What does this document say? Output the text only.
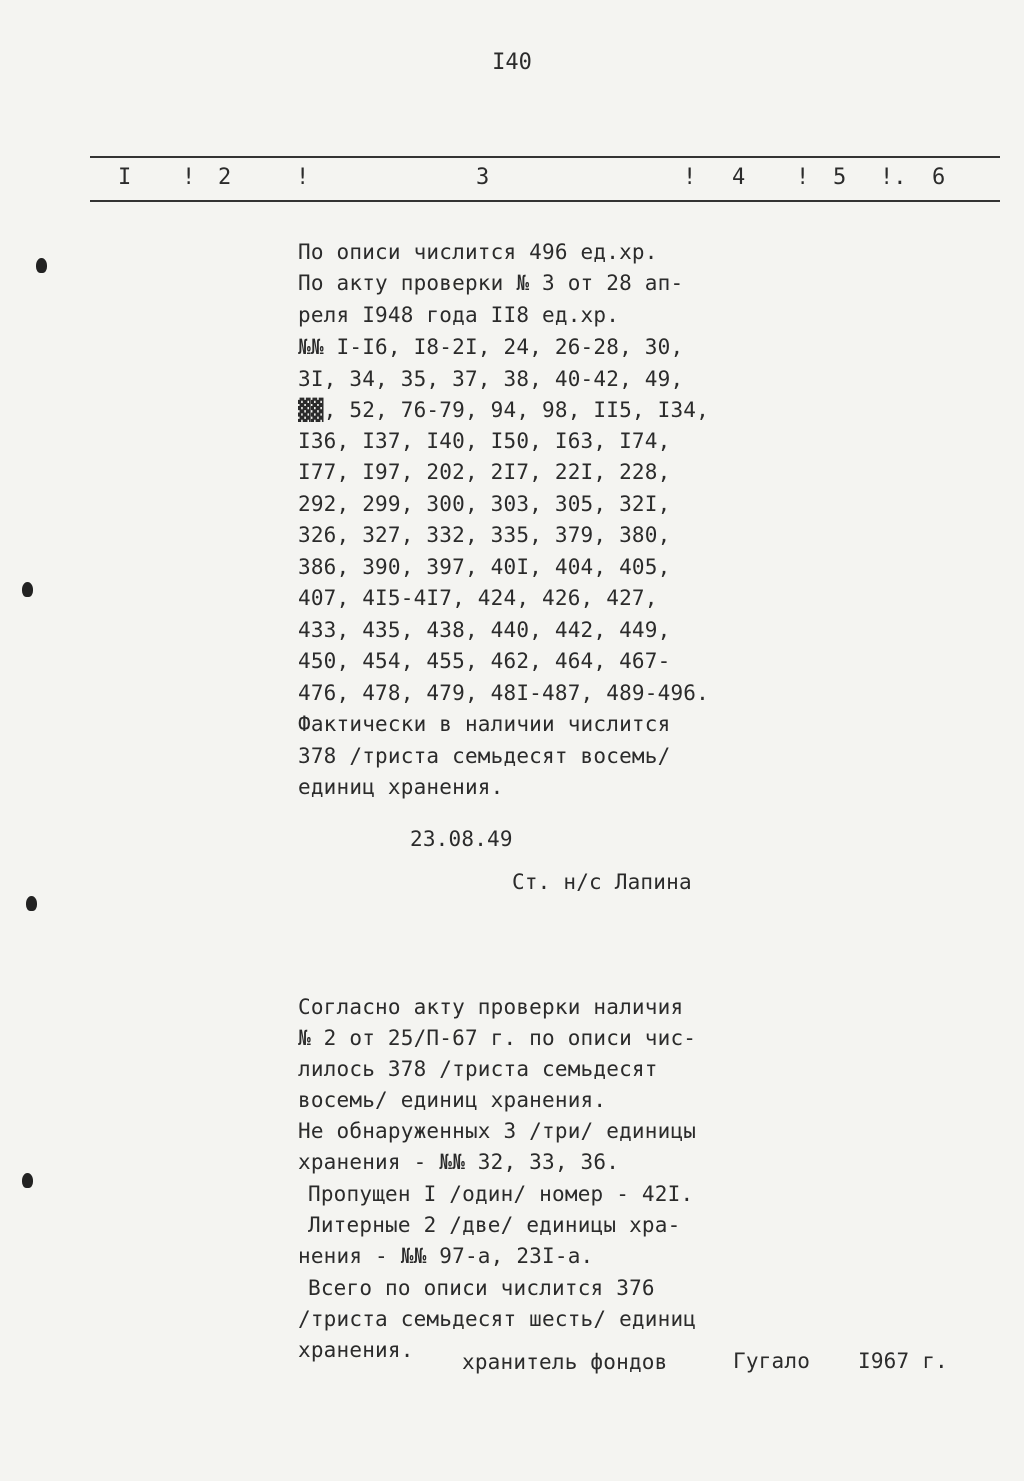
I40
I ! 2	!	3	! 4 ! 5 !. 6
По описи числится 496 ед.хр.
По акту проверки № 3 от 28 ап-
реля I948 года II8 ед.хр.
№№ I-I6, I8-2I, 24, 26-28, 30,
3I, 34, 35, 37, 38, 40-42, 49,
▓▓, 52, 76-79, 94, 98, II5, I34,
I36, I37, I40, I50, I63, I74,
I77, I97, 202, 2I7, 22I, 228,
292, 299, 300, 303, 305, 32I,
326, 327, 332, 335, 379, 380,
386, 390, 397, 40I, 404, 405,
407, 4I5-4I7, 424, 426, 427,
433, 435, 438, 440, 442, 449,
450, 454, 455, 462, 464, 467-
476, 478, 479, 48I-487, 489-496.
Фактически в наличии числится
378 /триста семьдесят восемь/
единиц хранения.
23.08.49
Ст. н/с Лапина
Согласно акту проверки наличия
№ 2 от 25/П-67 г. по описи чис-
лилось 378 /триста семьдесят
восемь/ единиц хранения.
Не обнаруженных 3 /три/ единицы
хранения - №№ 32, 33, 36.
Пропущен I /один/ номер - 42I.
Литерные 2 /две/ единицы хра-
нения - №№ 97-а, 23I-а.
Всего по описи числится 376
/триста семьдесят шесть/ единиц
хранения. хранитель фондов	Гугало I967 г.
